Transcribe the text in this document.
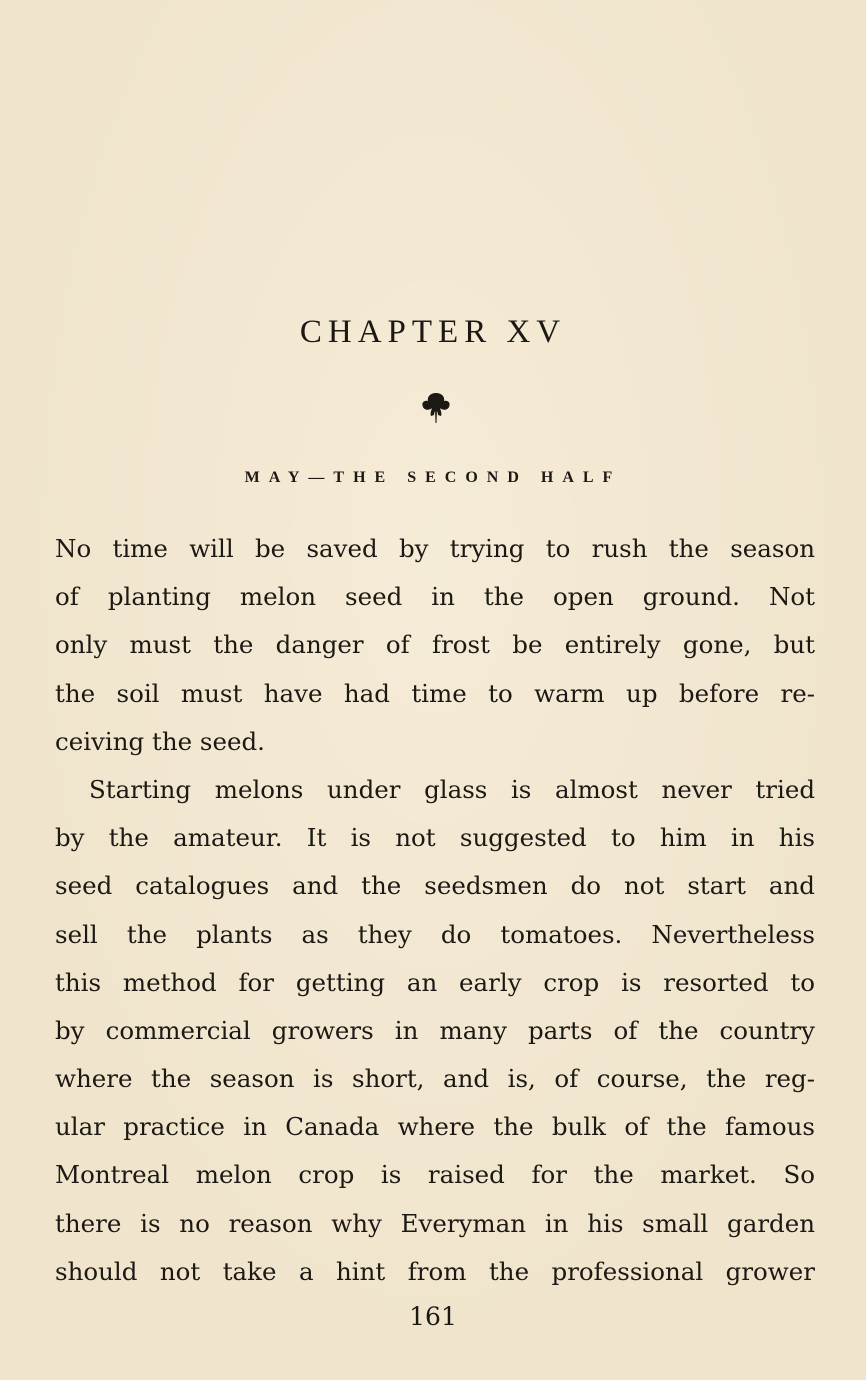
CHAPTER XV
MAY—THE SECOND HALF
No time will be saved by trying to rush the season
of planting melon seed in the open ground. Not
only must the danger of frost be entirely gone, but
the soil must have had time to warm up before re-
ceiving the seed.
Starting melons under glass is almost never tried
by the amateur. It is not suggested to him in his
seed catalogues and the seedsmen do not start and
sell the plants as they do tomatoes. Nevertheless
this method for getting an early crop is resorted to
by commercial growers in many parts of the country
where the season is short, and is, of course, the reg-
ular practice in Canada where the bulk of the famous
Montreal melon crop is raised for the market. So
there is no reason why Everyman in his small garden
should not take a hint from the professional grower
161
